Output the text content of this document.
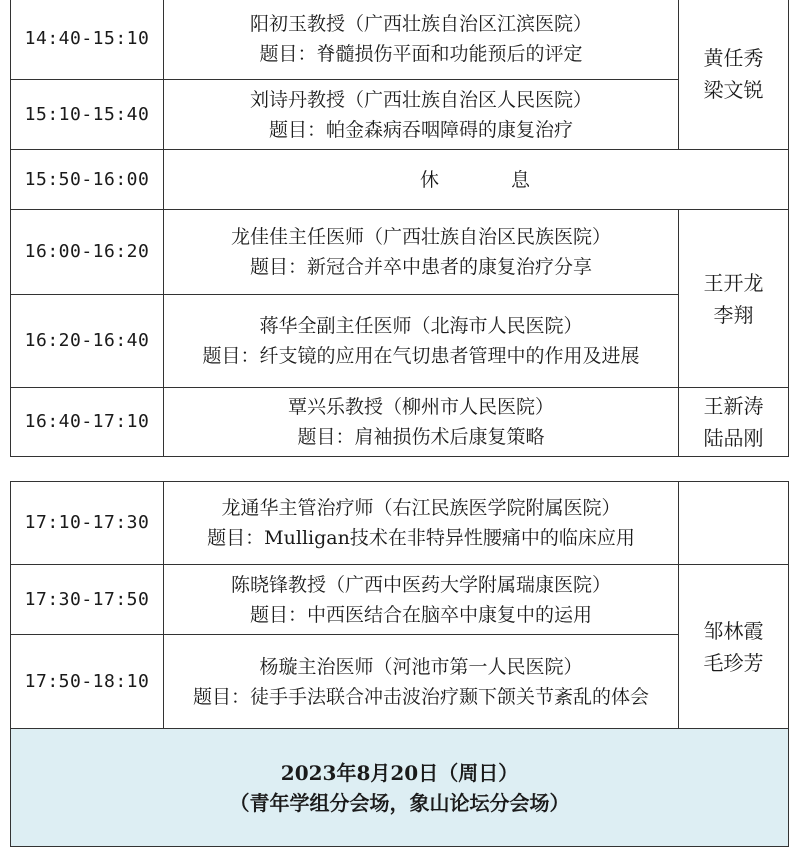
14:40-15:10	阳初玉教授（广西壮族自治区江滨医院）
题目：脊髓损伤平面和功能预后的评定	黄任秀
梁文锐

15:10-15:40	刘诗丹教授（广西壮族自治区人民医院）
题目：帕金森病吞咽障碍的康复治疗	

15:50-16:00	休 息	
16:00-16:20	龙佳佳主任医师（广西壮族自治区民族医院）
题目：新冠合并卒中患者的康复治疗分享	王开龙
李翔

16:20-16:40	蒋华全副主任医师（北海市人民医院）
题目：纤支镜的应用在气切患者管理中的作用及进展	

16:40-17:10	覃兴乐教授（柳州市人民医院）
题目：肩袖损伤术后康复策略	王新涛
陆品刚
17:10-17:30	龙通华主管治疗师（右江民族医学院附属医院）
题目：Mulligan技术在非特异性腰痛中的临床应用	

17:30-17:50	陈晓锋教授（广西中医药大学附属瑞康医院）
题目：中西医结合在脑卒中康复中的运用	邹林霞
毛珍芳

17:50-18:10	杨璇主治医师（河池市第一人民医院）
题目：徒手手法联合冲击波治疗颞下颌关节紊乱的体会	

2023年8月20日（周日）
（青年学组分会场，象山论坛分会场）		
